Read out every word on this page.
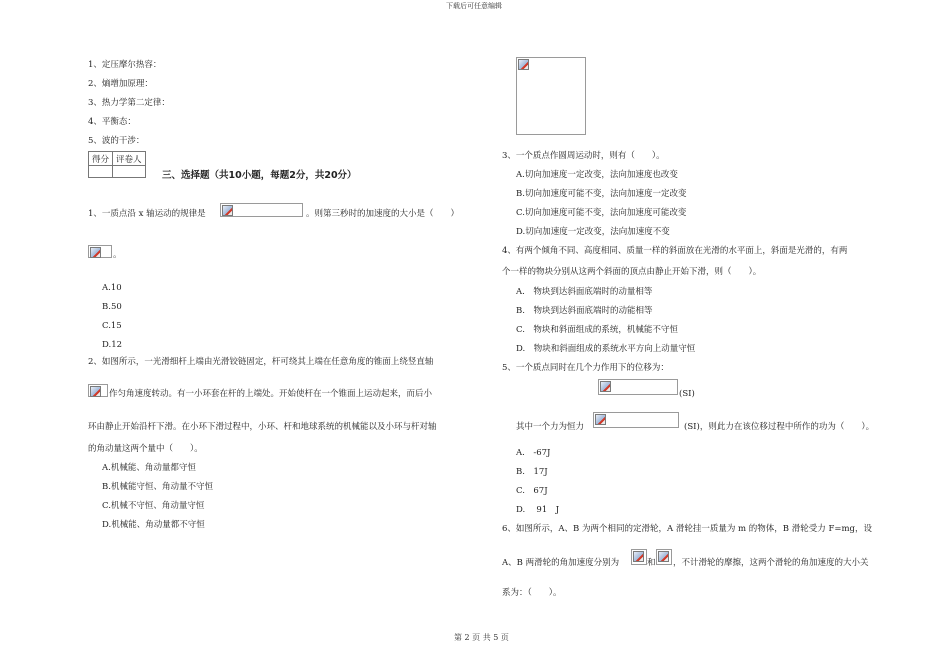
下载后可任意编辑
第 2 页 共 5 页
1、定压摩尔热容：
2、熵增加原理：
3、热力学第二定律：
4、平衡态：
5、波的干涉：
得分	评卷人

三、选择题（共10小题，每题2分，共20分）
1、一质点沿 x 轴运动的规律是	。则第三秒时的加速度的大小是（　　）
。
A.10
B.50
C.15
D.12
2、如图所示，一光滑细杆上端由光滑铰链固定，杆可绕其上端在任意角度的锥面上绕竖直轴
作匀角速度转动。有一小环套在杆的上端处。开始使杆在一个锥面上运动起来，而后小
环由静止开始沿杆下滑。在小环下滑过程中，小环、杆和地球系统的机械能以及小环与杆对轴
的角动量这两个量中（　　）。
A.机械能、角动量都守恒
B.机械能守恒、角动量不守恒
C.机械不守恒、角动量守恒
D.机械能、角动量都不守恒
3、一个质点作圆周运动时，则有（　　）。
A.切向加速度一定改变，法向加速度也改变
B.切向加速度可能不变，法向加速度一定改变
C.切向加速度可能不变，法向加速度可能改变
D.切向加速度一定改变，法向加速度不变
4、有两个倾角不同、高度相同、质量一样的斜面放在光滑的水平面上，斜面是光滑的，有两
个一样的物块分别从这两个斜面的顶点由静止开始下滑，则（　　）。
A.　物块到达斜面底端时的动量相等
B.　物块到达斜面底端时的动能相等
C.　物块和斜面组成的系统，机械能不守恒
D.　物块和斜面组成的系统水平方向上动量守恒
5、一个质点同时在几个力作用下的位移为：
(SI)
其中一个力为恒力	(SI)，则此力在该位移过程中所作的功为（　　）。
A.　-67J
B.　17J
C.　67J
D.　 91　J
6、如图所示，A、B 为两个相同的定滑轮，A 滑轮挂一质量为 m 的物体，B 滑轮受力 F=mg，设
A、B 两滑轮的角加速度分别为	和 ，不计滑轮的摩擦，这两个滑轮的角加速度的大小关
系为：（　　）。
